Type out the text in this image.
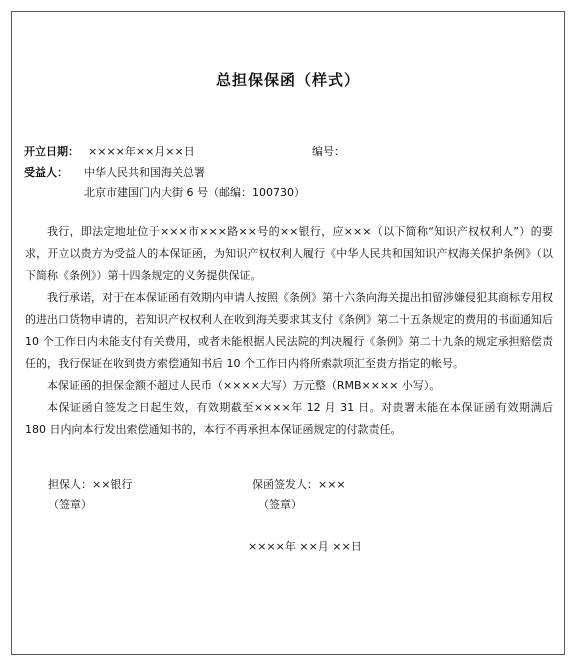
总担保保函（样式）
开立日期： ××××年××月××日	编号：
受益人： 中华人民共和国海关总署
北京市建国门内大街 6 号（邮编：100730）

我行，即法定地址位于×××市×××路××号的××银行，应×××（以下简称“知识产权权利人”）的要求，开立以贵方为受益人的本保证函，为知识产权权利人履行《中华人民共和国知识产权海关保护条例》（以下简称《条例》）第十四条规定的义务提供保证。

我行承诺，对于在本保证函有效期内申请人按照《条例》第十六条向海关提出扣留涉嫌侵犯其商标专用权的进出口货物申请的，若知识产权权利人在收到海关要求其支付《条例》第二十五条规定的费用的书面通知后 10 个工作日内未能支付有关费用，或者未能根据人民法院的判决履行《条例》第二十九条的规定承担赔偿责任的，我行保证在收到贵方索偿通知书后 10 个工作日内将所索款项汇至贵方指定的帐号。

本保证函的担保金额不超过人民币（××××大写）万元整（RMB×××× 小写）。

本保证函自签发之日起生效，有效期截至××××年 12 月 31 日。对贵署未能在本保证函有效期满后 180 日内向本行发出索偿通知书的，本行不再承担本保证函规定的付款责任。

担保人：××银行
（签章）
保函签发人：×××
（签章）
××××年 ××月 ××日
